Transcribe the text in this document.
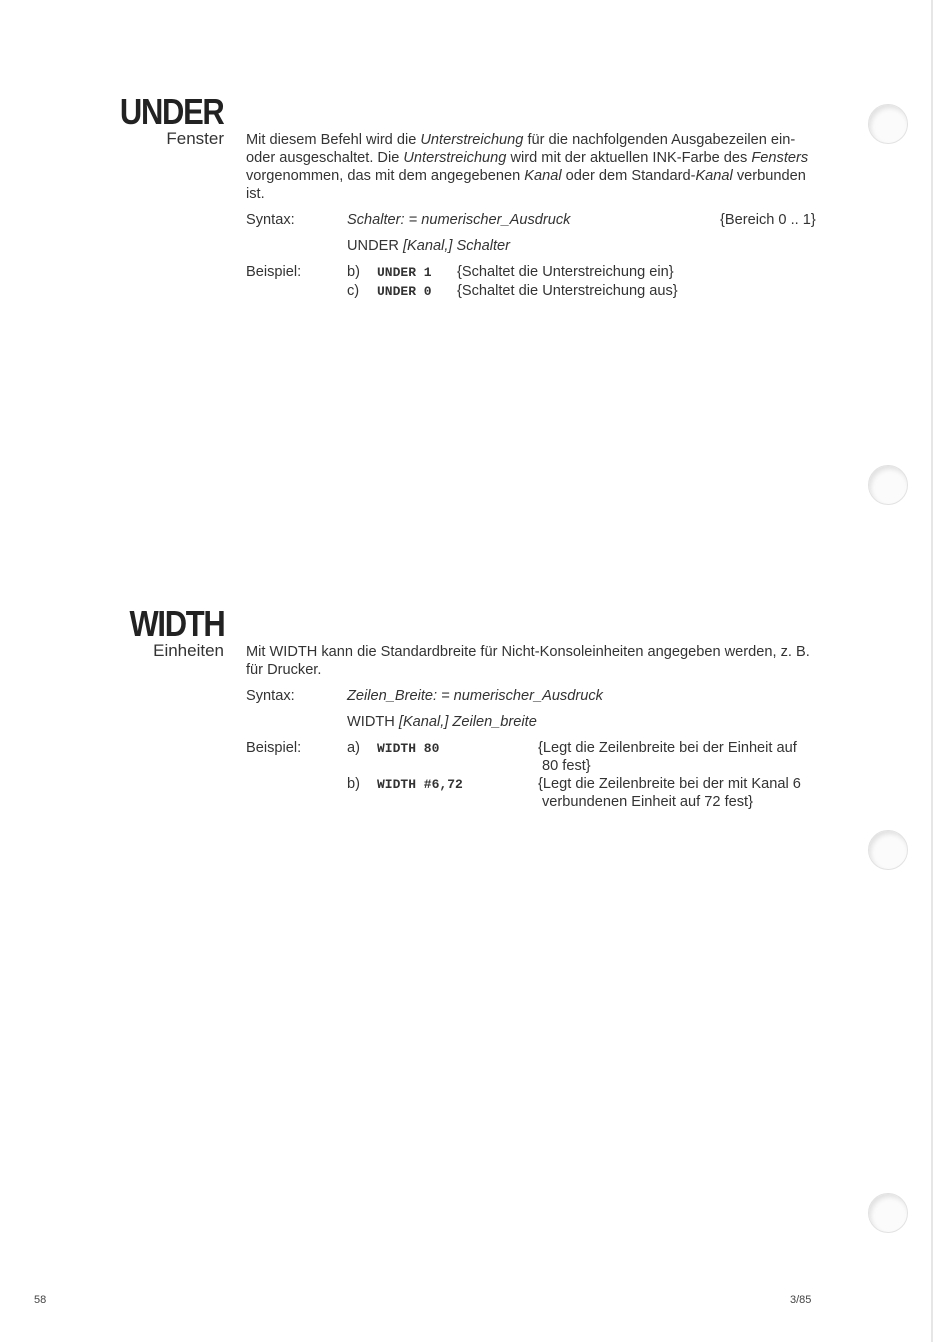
UNDER
Fenster Mit diesem Befehl wird die Unterstreichung für die nachfolgenden Ausgabezeilen ein- oder ausgeschaltet. Die Unterstreichung wird mit der aktuellen INK-Farbe des Fensters vorgenommen, das mit dem angegebenen Kanal oder dem Standard-Kanal verbunden ist.

Syntax:	Schalter: = numerischer_Ausdruck	{Bereich 0 .. 1}
UNDER [Kanal,] Schalter
Beispiel:	b) UNDER 1 {Schaltet die Unterstreichung ein}
c) UNDER 0 {Schaltet die Unterstreichung aus}
WIDTH
Einheiten Mit WIDTH kann die Standardbreite für Nicht-Konsoleinheiten angegeben werden, z. B. für Drucker.
Syntax:	Zeilen_Breite: = numerischer_Ausdruck
WIDTH [Kanal,] Zeilen_breite
Beispiel:	a) WIDTH 80	{Legt die Zeilenbreite bei der Einheit auf
80 fest}
b) WIDTH #6,72	{Legt die Zeilenbreite bei der mit Kanal 6
verbundenen Einheit auf 72 fest}
58	3/85
